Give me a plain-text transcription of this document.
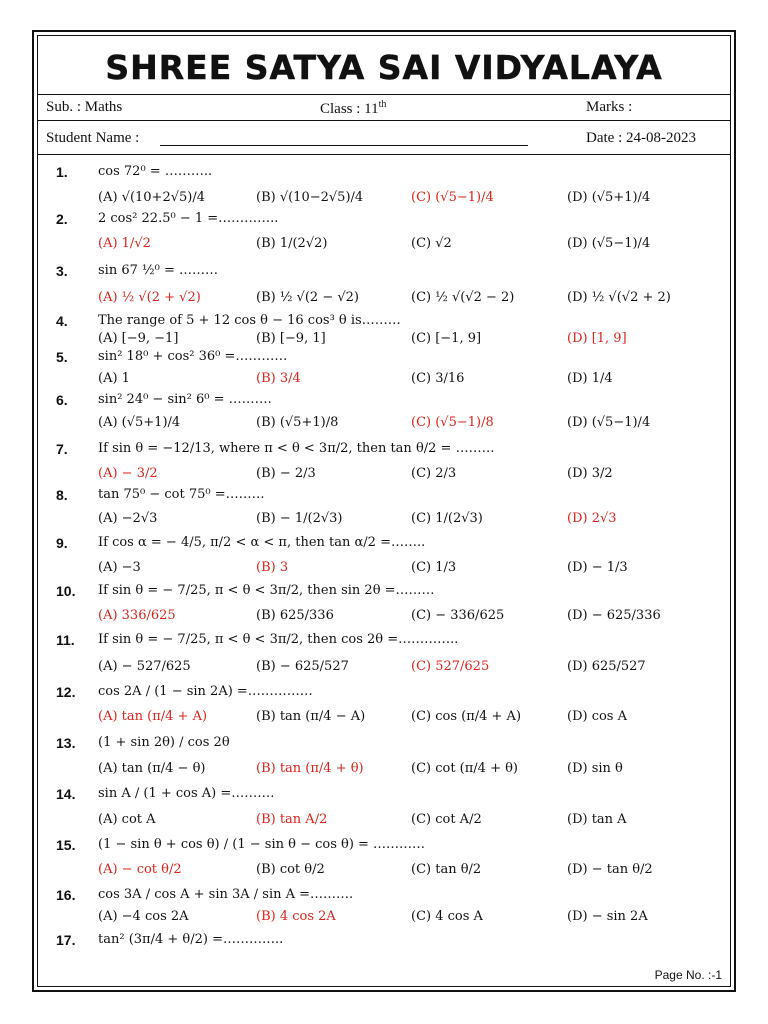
SHREE SATYA SAI VIDYALAYA
Sub. : Maths	Class : 11th	Marks :
Student Name :	Date : 24-08-2023
1. cos 72⁰ = ………..
(A) √(10+2√5)/4	(B) √(10−2√5)/4	(C) (√5−1)/4	(D) (√5+1)/4
2. 2 cos² 22.5⁰ − 1 =…………..
(A) 1/√2	(B) 1/(2√2)	(C) √2	(D) (√5−1)/4
3. sin 67 ½⁰ = ………
(A) ½ √(2 + √2)	(B) ½ √(2 − √2)	(C) ½ √(√2 − 2)	(D) ½ √(√2 + 2)
4. The range of 5 + 12 cos θ − 16 cos³ θ is………
(A) [−9, −1]	(B) [−9, 1]	(C) [−1, 9]	(D) [1, 9]
5. sin² 18⁰ + cos² 36⁰ =…………
(A) 1	(B) 3/4	(C) 3/16	(D) 1/4
6. sin² 24⁰ − sin² 6⁰ = ……….
(A) (√5+1)/4	(B) (√5+1)/8	(C) (√5−1)/8	(D) (√5−1)/4
7. If sin θ = −12/13, where π < θ < 3π/2, then tan θ/2 = ………
(A) − 3/2	(B) − 2/3	(C) 2/3	(D) 3/2
8. tan 75⁰ − cot 75⁰ =………
(A) −2√3	(B) − 1/(2√3)	(C) 1/(2√3)	(D) 2√3
9. If cos α = − 4/5, π/2 < α < π, then tan α/2 =……..
(A) −3	(B) 3	(C) 1/3	(D) − 1/3
10. If sin θ = − 7/25, π < θ < 3π/2, then sin 2θ =………
(A) 336/625	(B) 625/336	(C) − 336/625	(D) − 625/336
11. If sin θ = − 7/25, π < θ < 3π/2, then cos 2θ =…………..
(A) − 527/625	(B) − 625/527	(C) 527/625	(D) 625/527
12. cos 2A / (1 − sin 2A) =……………
(A) tan (π/4 + A)	(B) tan (π/4 − A)	(C) cos (π/4 + A)	(D) cos A
13. (1 + sin 2θ) / cos 2θ
(A) tan (π/4 − θ)	(B) tan (π/4 + θ)	(C) cot (π/4 + θ)	(D) sin θ
14. sin A / (1 + cos A) =……….
(A) cot A	(B) tan A/2	(C) cot A/2	(D) tan A
15. (1 − sin θ + cos θ) / (1 − sin θ − cos θ) = …………
(A) − cot θ/2	(B) cot θ/2	(C) tan θ/2	(D) − tan θ/2
16. cos 3A / cos A + sin 3A / sin A =……….
(A) −4 cos 2A	(B) 4 cos 2A	(C) 4 cos A	(D) − sin 2A
17. tan² (3π/4 + θ/2) =…………..
Page No. :-1
